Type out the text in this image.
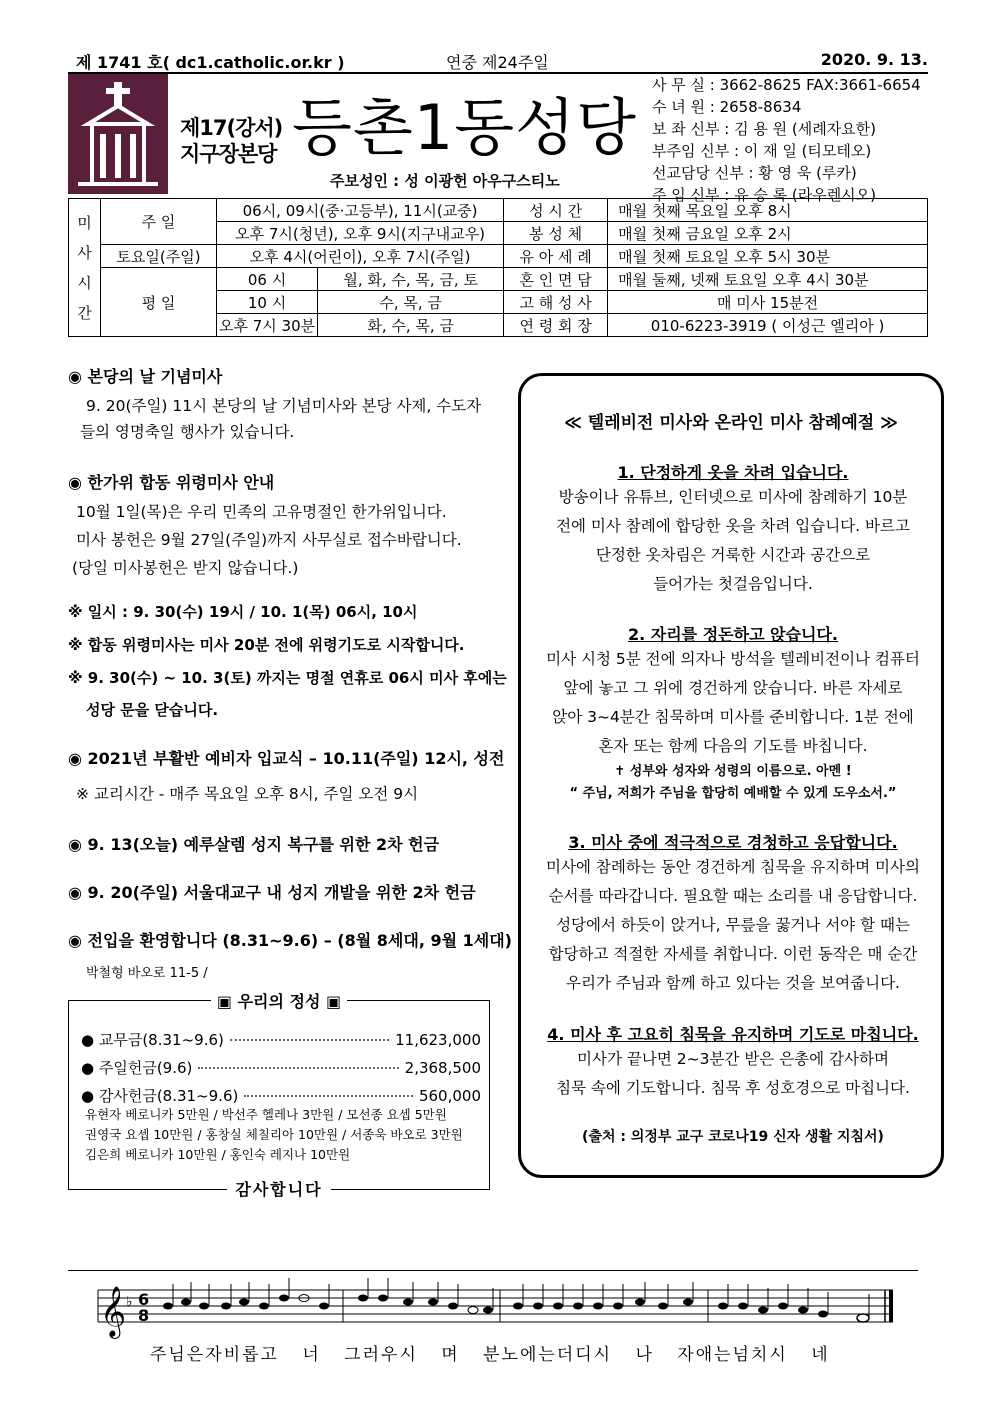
제 1741 호( dc1.catholic.or.kr )	연중 제24주일	2020. 9. 13.
제17(강서)
지구장본당 등촌1동성당
주보성인 : 성 이광헌 아우구스티노
사 무 실 : 3662-8625 FAX:3661-6654
수 녀 원 : 2658-8634
보 좌 신부 : 김 용 원 (세례자요한)
부주임 신부 : 이 재 일 (티모테오)
선교담당 신부 : 황 영 욱 (루카)
주 임 신부 : 유 승 록 (라우렌시오)
미
사
시
간	주 일	06시, 09시(중·고등부), 11시(교중)		성 시 간	매월 첫째 목요일 오후 8시
		오후 7시(청년), 오후 9시(지구내교우)		봉 성 체	매월 첫째 금요일 오후 2시
	토요일(주일)	오후 4시(어린이), 오후 7시(주일)		유 아 세 례	매월 첫째 토요일 오후 5시 30분
	평 일	06 시	월, 화, 수, 목, 금, 토	혼 인 면 담	매월 둘째, 넷째 토요일 오후 4시 30분
		10 시	수, 목, 금	고 해 성 사	매 미사 15분전
		오후 7시 30분	화, 수, 목, 금	연 령 회 장	010-6223-3919 ( 이성근 엘리아 )
◉ 본당의 날 기념미사
9. 20(주일) 11시 본당의 날 기념미사와 본당 사제, 수도자
들의 영명축일 행사가 있습니다.
◉ 한가위 합동 위령미사 안내
10월 1일(목)은 우리 민족의 고유명절인 한가위입니다.
미사 봉헌은 9월 27일(주일)까지 사무실로 접수바랍니다.
(당일 미사봉헌은 받지 않습니다.)
※ 일시 : 9. 30(수) 19시 / 10. 1(목) 06시, 10시
※ 합동 위령미사는 미사 20분 전에 위령기도로 시작합니다.
※ 9. 30(수) ~ 10. 3(토) 까지는 명절 연휴로 06시 미사 후에는
성당 문을 닫습니다.
◉ 2021년 부활반 예비자 입교식 – 10.11(주일) 12시, 성전
※ 교리시간 - 매주 목요일 오후 8시, 주일 오전 9시
◉ 9. 13(오늘) 예루살렘 성지 복구를 위한 2차 헌금
◉ 9. 20(주일) 서울대교구 내 성지 개발을 위한 2차 헌금
◉ 전입을 환영합니다 (8.31~9.6) – (8월 8세대, 9월 1세대)
박철형 바오로 11-5 /
▣ 우리의 정성 ▣
● 교무금(8.31~9.6)	11,623,000
● 주일헌금(9.6)	2,368,500
● 감사헌금(8.31~9.6)	560,000
유현자 베로니카 5만원 / 박선주 헬레나 3만원 / 모선종 요셉 5만원
권영국 요셉 10만원 / 홍창실 체칠리아 10만원 / 서종욱 바오로 3만원
김은희 베로니카 10만원 / 홍인숙 레지나 10만원
감사합니다
≪ 텔레비전 미사와 온라인 미사 참례예절 ≫
1. 단정하게 옷을 차려 입습니다.
방송이나 유튜브, 인터넷으로 미사에 참례하기 10분
전에 미사 참례에 합당한 옷을 차려 입습니다. 바르고
단정한 옷차림은 거룩한 시간과 공간으로
들어가는 첫걸음입니다.
2. 자리를 정돈하고 앉습니다.
미사 시청 5분 전에 의자나 방석을 텔레비전이나 컴퓨터
앞에 놓고 그 위에 경건하게 앉습니다. 바른 자세로
앉아 3~4분간 침묵하며 미사를 준비합니다. 1분 전에
혼자 또는 함께 다음의 기도를 바칩니다.
✝ 성부와 성자와 성령의 이름으로. 아멘 !
“ 주님, 저희가 주님을 합당히 예배할 수 있게 도우소서.”
3. 미사 중에 적극적으로 경청하고 응답합니다.
미사에 참례하는 동안 경건하게 침묵을 유지하며 미사의
순서를 따라갑니다. 필요할 때는 소리를 내 응답합니다.
성당에서 하듯이 앉거나, 무릎을 꿇거나 서야 할 때는
합당하고 적절한 자세를 취합니다. 이런 동작은 매 순간
우리가 주님과 함께 하고 있다는 것을 보여줍니다.
4. 미사 후 고요히 침묵을 유지하며 기도로 마칩니다.
미사가 끝나면 2~3분간 받은 은총에 감사하며
침묵 속에 기도합니다. 침묵 후 성호경으로 마칩니다.
(출처 : 의정부 교구 코로나19 신자 생활 지침서)
𝄞 ♭ 6
8
주님은자비롭고 너 그러우시 며 분노에는더디시 나 자애는넘치시 네
